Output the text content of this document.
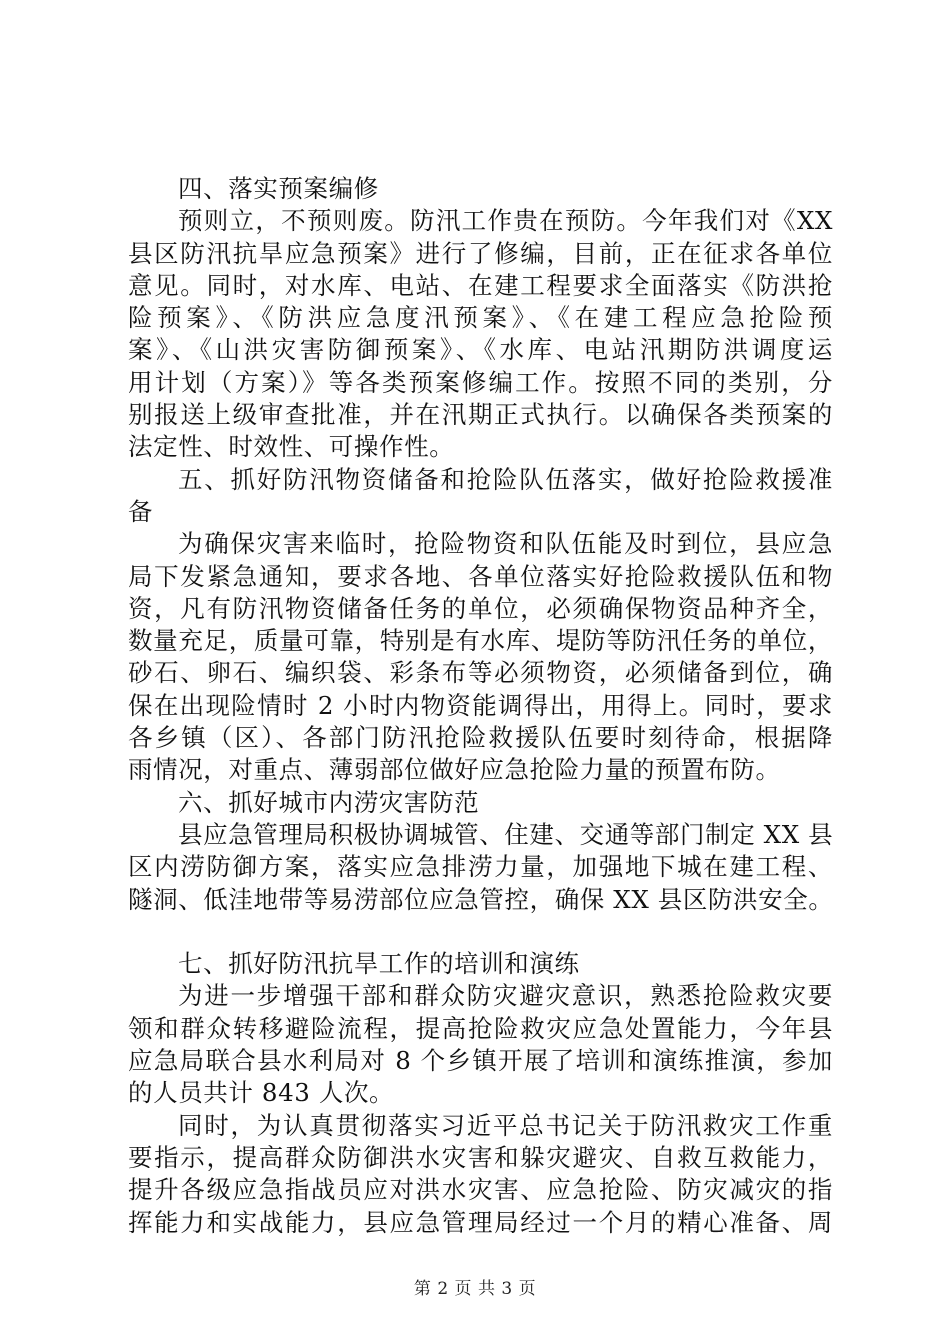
四、落实预案编修
预则立，不预则废。防汛工作贵在预防。今年我们对《XX
县区防汛抗旱应急预案》进行了修编，目前，正在征求各单位
意见。同时，对水库、电站、在建工程要求全面落实《防洪抢
险预案》、《防洪应急度汛预案》、《在建工程应急抢险预
案》、《山洪灾害防御预案》、《水库、电站汛期防洪调度运
用计划（方案）》等各类预案修编工作。按照不同的类别，分
别报送上级审查批准，并在汛期正式执行。以确保各类预案的
法定性、时效性、可操作性。
五、抓好防汛物资储备和抢险队伍落实，做好抢险救援准
备
为确保灾害来临时，抢险物资和队伍能及时到位，县应急
局下发紧急通知，要求各地、各单位落实好抢险救援队伍和物
资，凡有防汛物资储备任务的单位，必须确保物资品种齐全，
数量充足，质量可靠，特别是有水库、堤防等防汛任务的单位，
砂石、卵石、编织袋、彩条布等必须物资，必须储备到位，确
保在出现险情时 2 小时内物资能调得出，用得上。同时，要求
各乡镇（区）、各部门防汛抢险救援队伍要时刻待命，根据降
雨情况，对重点、薄弱部位做好应急抢险力量的预置布防。
六、抓好城市内涝灾害防范
县应急管理局积极协调城管、住建、交通等部门制定 XX 县
区内涝防御方案，落实应急排涝力量，加强地下城在建工程、
隧洞、低洼地带等易涝部位应急管控，确保 XX 县区防洪安全。
七、抓好防汛抗旱工作的培训和演练
为进一步增强干部和群众防灾避灾意识，熟悉抢险救灾要
领和群众转移避险流程，提高抢险救灾应急处置能力，今年县
应急局联合县水利局对 8 个乡镇开展了培训和演练推演，参加
的人员共计 843 人次。
同时，为认真贯彻落实习近平总书记关于防汛救灾工作重
要指示，提高群众防御洪水灾害和躲灾避灾、自救互救能力，
提升各级应急指战员应对洪水灾害、应急抢险、防灾减灾的指
挥能力和实战能力，县应急管理局经过一个月的精心准备、周
第 2 页 共 3 页
